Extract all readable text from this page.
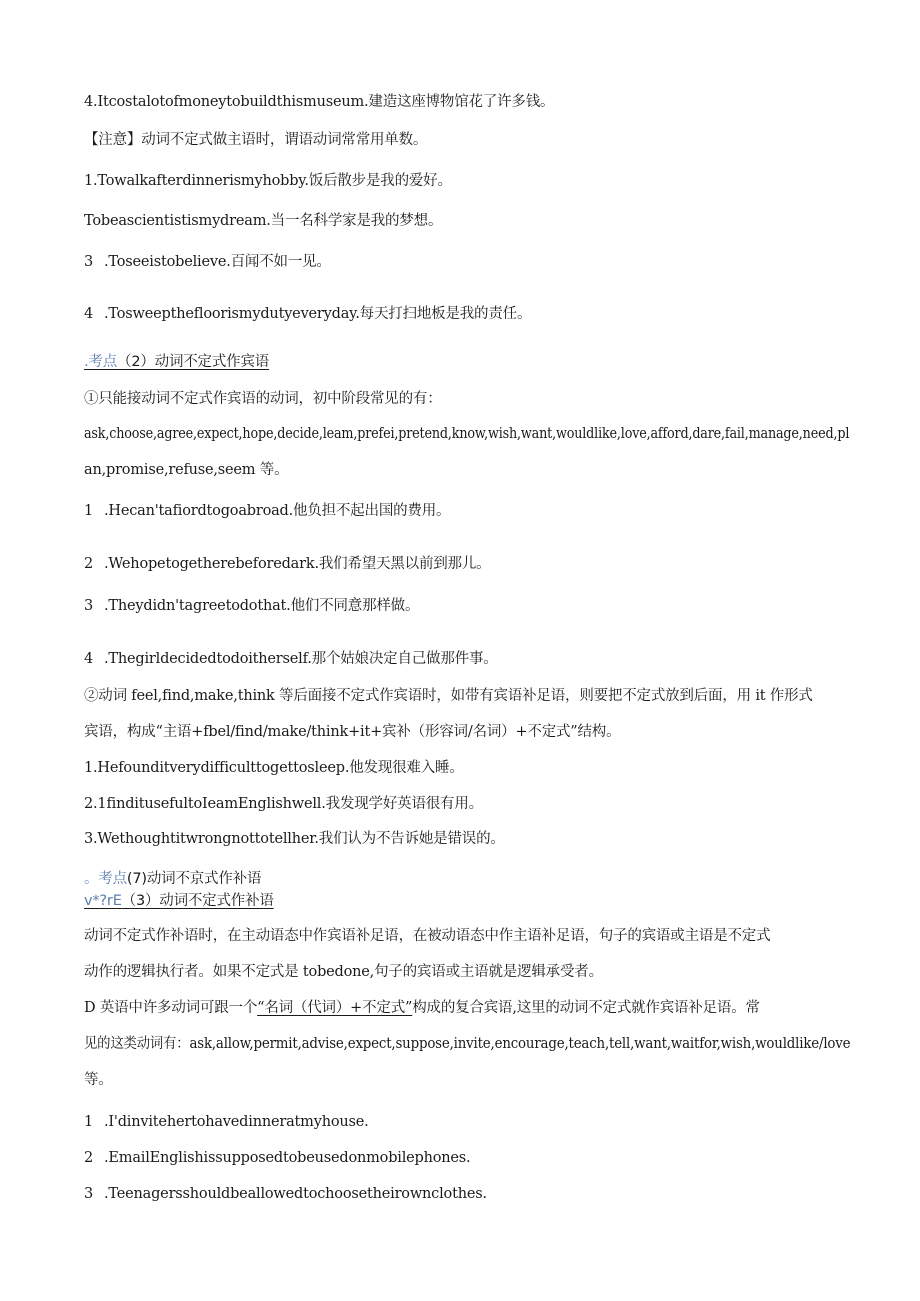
4.Itcostalotofmoneytobuildthismuseum.建造这座博物馆花了许多钱。

【注意】动词不定式做主语时，谓语动词常常用单数。

1.Towalkafterdinnerismyhobby.饭后散步是我的爱好。

Tobeascientistismydream.当一名科学家是我的梦想。

3 .Toseeistobelieve.百闻不如一见。

4 .Tosweepthefloorismydutyeveryday.每天打扫地板是我的责任。

.考点（2）动词不定式作宾语

①只能接动词不定式作宾语的动词，初中阶段常见的有：

ask,choose,agree,expect,hope,decide,leam,prefei,pretend,know,wish,want,wouldlike,love,afford,dare,fail,manage,need,pl

an,promise,refuse,seem 等。

1 .Hecan'tafiordtogoabroad.他负担不起出国的费用。

2 .Wehopetogetherebeforedark.我们希望天黑以前到那儿。

3 .Theydidn'tagreetodothat.他们不同意那样做。

4 .Thegirldecidedtodoitherself.那个姑娘决定自己做那件事。

②动词 feel,find,make,think 等后面接不定式作宾语时，如带有宾语补足语，则要把不定式放到后面，用 it 作形式

宾语，构成“主语+fbel/find/make/think+it+宾补（形容词/名词）+不定式”结构。

1.Hefounditverydifficulttogettosleep.他发现很难入睡。

2.1finditusefultoIeamEnglishwell.我发现学好英语很有用。

3.Wethoughtitwrongnottotellher.我们认为不告诉她是错误的。

。考点(7)动词不京式作补语

v*?rE（3）动词不定式作补语

动词不定式作补语时，在主动语态中作宾语补足语，在被动语态中作主语补足语，句子的宾语或主语是不定式

动作的逻辑执行者。如果不定式是 tobedone,句子的宾语或主语就是逻辑承受者。

D 英语中许多动词可跟一个“名词（代词）+不定式”构成的复合宾语,这里的动词不定式就作宾语补足语。常

见的这类动词有：ask,allow,permit,advise,expect,suppose,invite,encourage,teach,tell,want,waitfor,wish,wouldlike/love

等。

1 .I'dinvitehertohavedinneratmyhouse.

2 .EmailEnglishissupposedtobeusedonmobilephones.

3 .Teenagersshouldbeallowedtochoosetheirownclothes.
